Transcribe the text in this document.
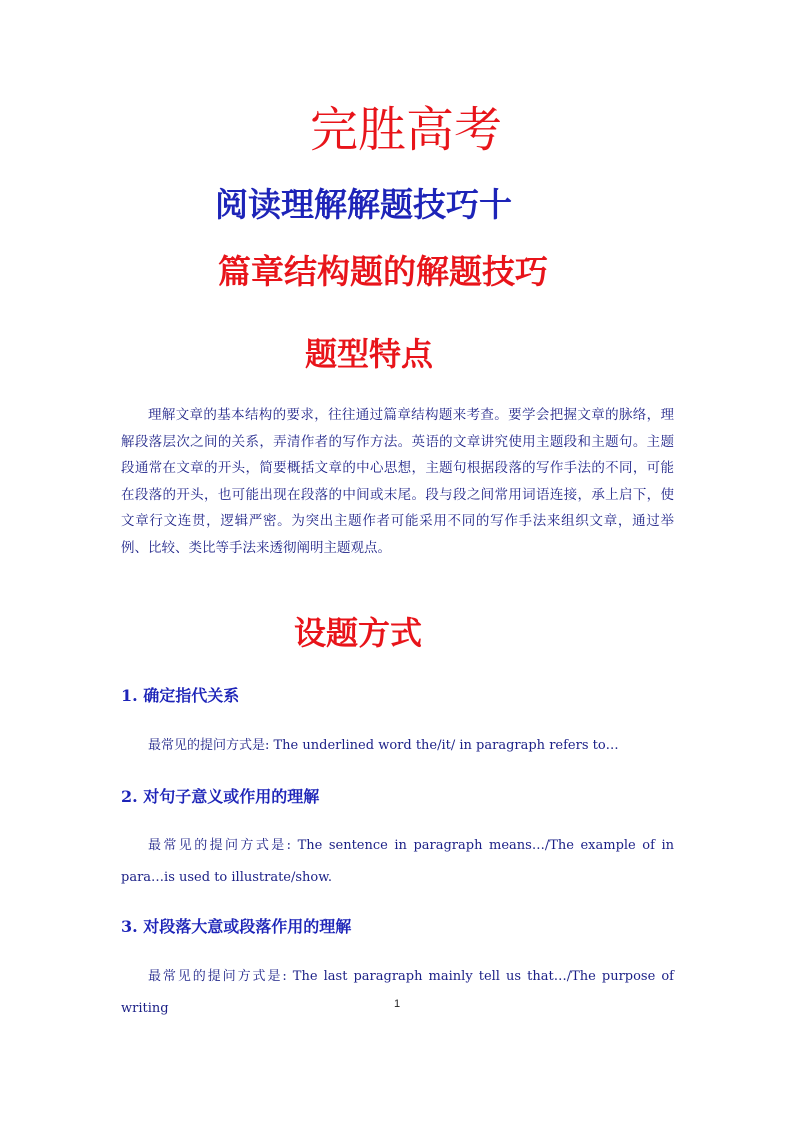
完胜高考
阅读理解解题技巧十
篇章结构题的解题技巧
题型特点

理解文章的基本结构的要求，往往通过篇章结构题来考查。要学会把握文章的脉络，理解段落层次之间的关系，弄清作者的写作方法。英语的文章讲究使用主题段和主题句。主题段通常在文章的开头，简要概括文章的中心思想，主题句根据段落的写作手法的不同，可能在段落的开头，也可能出现在段落的中间或末尾。段与段之间常用词语连接，承上启下，使文章行文连贯，逻辑严密。为突出主题作者可能采用不同的写作手法来组织文章，通过举例、比较、类比等手法来透彻阐明主题观点。

设题方式
1. 确定指代关系

最常见的提问方式是: The underlined word the/it/ in paragraph refers to…

2. 对句子意义或作用的理解

最常见的提问方式是: The sentence in paragraph means…/The example of in para…is used to illustrate/show.

3. 对段落大意或段落作用的理解

最常见的提问方式是: The last paragraph mainly tell us that…/The purpose of writing	1
